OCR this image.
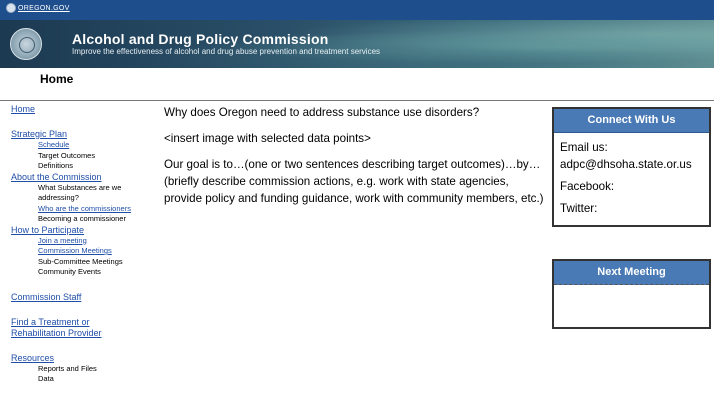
OREGON.GOV
Alcohol and Drug Policy Commission
Improve the effectiveness of alcohol and drug abuse prevention and treatment services
Home
Home
Strategic Plan
Schedule
Target Outcomes
Definitions
About the Commission
What Substances are we
addressing?
Who are the commissioners
Becoming a commissioner
How to Participate
Join a meeting
Commission Meetings
Sub-Committee Meetings
Community Events
Commission Staff
Find a Treatment or
Rehabilitation Provider
Resources
Reports and Files
Data

Why does Oregon need to address substance use disorders?

<insert image with selected data points>

Our goal is to…(one or two sentences describing target outcomes)…by…(briefly describe commission actions, e.g. work with state agencies, provide policy and funding guidance, work with community members, etc.)

Connect With Us
Email us: adpc@dhsoha.state.or.us
Facebook:
Twitter:
Next Meeting
